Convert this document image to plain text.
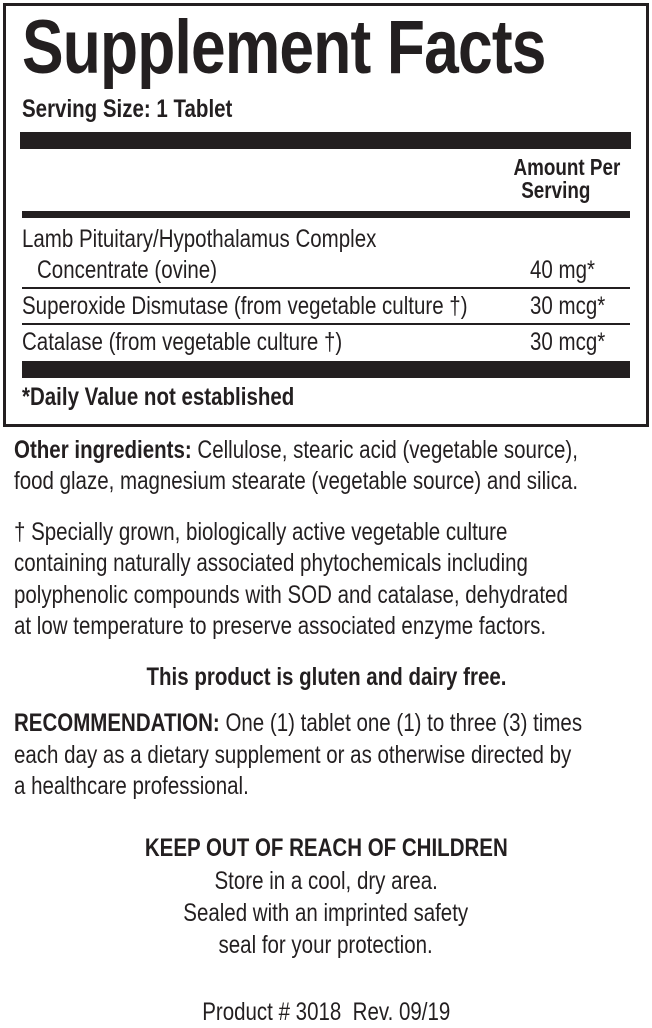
Supplement Facts
Serving Size: 1 Tablet
Amount Per
Serving
Lamb Pituitary/Hypothalamus Complex
Concentrate (ovine)	40 mg*
Superoxide Dismutase (from vegetable culture †)	30 mcg*
Catalase (from vegetable culture †)	30 mcg*
*Daily Value not established
Other ingredients: Cellulose, stearic acid (vegetable source),
food glaze, magnesium stearate (vegetable source) and silica.
† Specially grown, biologically active vegetable culture
containing naturally associated phytochemicals including
polyphenolic compounds with SOD and catalase, dehydrated
at low temperature to preserve associated enzyme factors.
This product is gluten and dairy free.
RECOMMENDATION: One (1) tablet one (1) to three (3) times
each day as a dietary supplement or as otherwise directed by
a healthcare professional.
KEEP OUT OF REACH OF CHILDREN
Store in a cool, dry area.
Sealed with an imprinted safety
seal for your protection.
Product # 3018  Rev. 09/19
